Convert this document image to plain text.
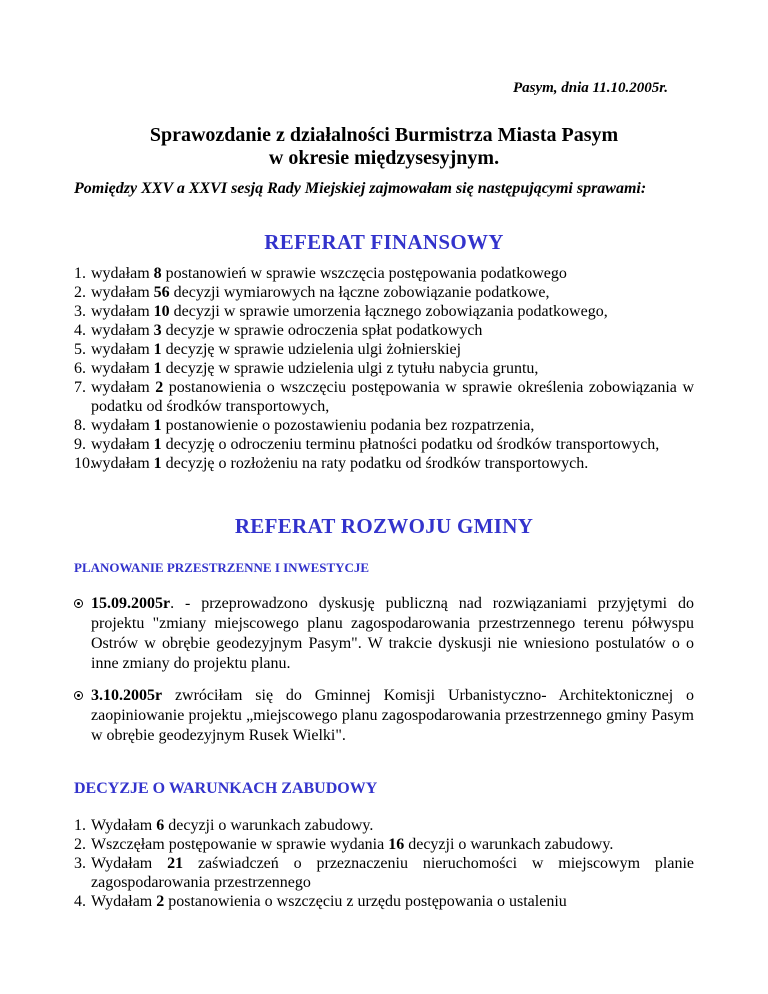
Pasym, dnia 11.10.2005r.
Sprawozdanie z działalności Burmistrza Miasta Pasym
w okresie międzysesyjnym.
Pomiędzy XXV a XXVI sesją Rady Miejskiej zajmowałam się następującymi sprawami:
REFERAT FINANSOWY
1. wydałam 8 postanowień w sprawie wszczęcia postępowania podatkowego
2. wydałam 56 decyzji wymiarowych na łączne zobowiązanie podatkowe,
3. wydałam 10 decyzji w sprawie umorzenia łącznego zobowiązania podatkowego,
4. wydałam 3 decyzje w sprawie odroczenia spłat podatkowych
5. wydałam 1 decyzję w sprawie udzielenia ulgi żołnierskiej
6. wydałam 1 decyzję w sprawie udzielenia ulgi z tytułu nabycia gruntu,
7. wydałam 2 postanowienia o wszczęciu postępowania w sprawie określenia zobowiązania w podatku od środków transportowych,
8. wydałam 1 postanowienie o pozostawieniu podania bez rozpatrzenia,
9. wydałam 1 decyzję o odroczeniu terminu płatności podatku od środków transportowych,
10.
wydałam 1 decyzję o rozłożeniu na raty podatku od środków transportowych.
REFERAT ROZWOJU GMINY
PLANOWANIE PRZESTRZENNE I INWESTYCJE
15.09.2005r. - przeprowadzono dyskusję publiczną nad rozwiązaniami przyjętymi do projektu "zmiany miejscowego planu zagospodarowania przestrzennego terenu półwyspu Ostrów w obrębie geodezyjnym Pasym". W trakcie dyskusji nie wniesiono postulatów o o inne zmiany do projektu planu.
3.10.2005r zwróciłam się do Gminnej Komisji Urbanistyczno- Architektonicznej o zaopiniowanie projektu „miejscowego planu zagospodarowania przestrzennego gminy Pasym w obrębie geodezyjnym Rusek Wielki".
DECYZJE O WARUNKACH ZABUDOWY
1. Wydałam 6 decyzji o warunkach zabudowy.
2. Wszczęłam postępowanie w sprawie wydania 16 decyzji o warunkach zabudowy.
3. Wydałam 21 zaświadczeń o przeznaczeniu nieruchomości w miejscowym planie zagospodarowania przestrzennego
4. Wydałam 2 postanowienia o wszczęciu z urzędu postępowania o ustaleniu
